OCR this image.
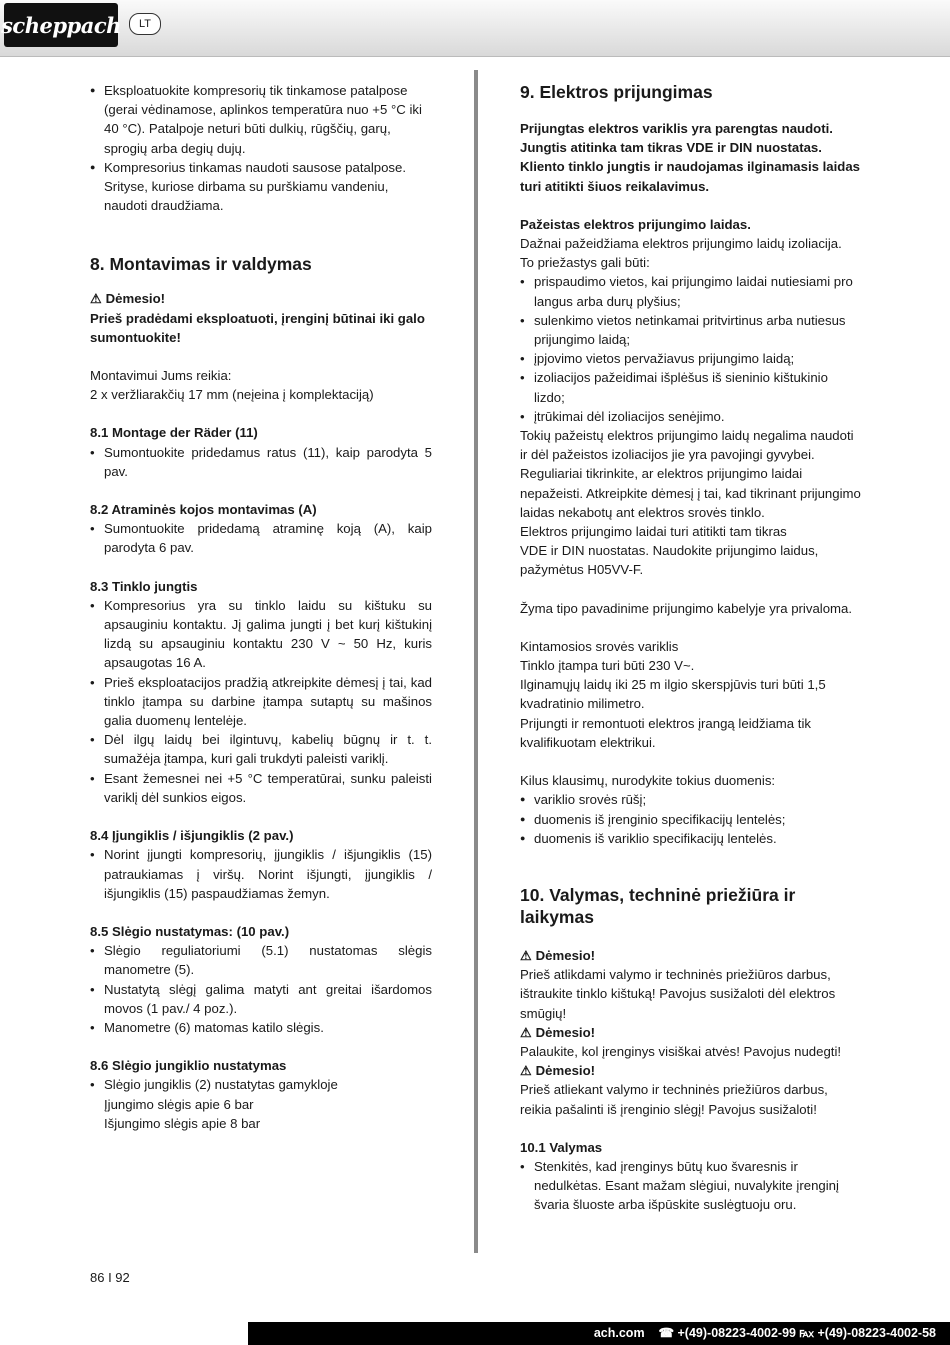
scheppach	LT
● Eksploatuokite kompresorių tik tinkamose patalpose (gerai vėdinamose, aplinkos temperatūra nuo +5 °C iki 40 °C). Patalpoje neturi būti dulkių, rūgščių, garų, sprogių arba degių dujų.
● Kompresorius tinkamas naudoti sausose patalpose. Srityse, kuriose dirbama su purškiamu vandeniu, naudoti draudžiama.

8. Montavimas ir valdymas

⚠ Dėmesio!

Prieš pradėdami eksploatuoti, įrenginį būtinai iki galo sumontuokite!

Montavimui Jums reikia:

2 x veržliarakčių 17 mm (neįeina į komplektaciją)

8.1 Montage der Räder (11)

• Sumontuokite pridedamus ratus (11), kaip parodyta 5 pav.

8.2 Atraminės kojos montavimas (A)

• Sumontuokite pridedamą atraminę koją (A), kaip parodyta 6 pav.

8.3 Tinklo jungtis

• Kompresorius yra su tinklo laidu su kištuku su apsauginiu kontaktu. Jį galima jungti į bet kurį kištukinį lizdą su apsauginiu kontaktu 230 V ~ 50 Hz, kuris apsaugotas 16 A.
• Prieš eksploatacijos pradžią atkreipkite dėmesį į tai, kad tinklo įtampa su darbine įtampa sutaptų su mašinos galia duomenų lentelėje.
• Dėl ilgų laidų bei ilgintuvų, kabelių būgnų ir t. t. sumažėja įtampa, kuri gali trukdyti paleisti variklį.
• Esant žemesnei nei +5 °C temperatūrai, sunku paleisti variklį dėl sunkios eigos.

8.4 Įjungiklis / išjungiklis (2 pav.)

• Norint įjungti kompresorių, įjungiklis / išjungiklis (15) patraukiamas į viršų. Norint išjungti, įjungiklis / išjungiklis (15) paspaudžiamas žemyn.

8.5 Slėgio nustatymas: (10 pav.)

• Slėgio reguliatoriumi (5.1) nustatomas slėgis manometre (5).
• Nustatytą slėgį galima matyti ant greitai išardomos movos (1 pav./ 4 poz.).
• Manometre (6) matomas katilo slėgis.

8.6 Slėgio jungiklio nustatymas

• Slėgio jungiklis (2) nustatytas gamykloje
Įjungimo slėgis apie 6 bar
Išjungimo slėgis apie 8 bar

9. Elektros prijungimas

Prijungtas elektros variklis yra parengtas naudoti. Jungtis atitinka tam tikras VDE ir DIN nuostatas. Kliento tinklo jungtis ir naudojamas ilginamasis laidas turi atitikti šiuos reikalavimus.

Pažeistas elektros prijungimo laidas.

Dažnai pažeidžiama elektros prijungimo laidų izoliacija.

To priežastys gali būti:

• prispaudimo vietos, kai prijungimo laidai nutiesiami pro langus arba durų plyšius;
• sulenkimo vietos netinkamai pritvirtinus arba nutiesus prijungimo laidą;
• įpjovimo vietos pervažiavus prijungimo laidą;
• izoliacijos pažeidimai išplėšus iš sieninio kištukinio lizdo;
• įtrūkimai dėl izoliacijos senėjimo.

Tokių pažeistų elektros prijungimo laidų negalima naudoti ir dėl pažeistos izoliacijos jie yra pavojingi gyvybei.

Reguliariai tikrinkite, ar elektros prijungimo laidai nepažeisti. Atkreipkite dėmesį į tai, kad tikrinant prijungimo laidas nekabotų ant elektros srovės tinklo.

Elektros prijungimo laidai turi atitikti tam tikras

VDE ir DIN nuostatas. Naudokite prijungimo laidus, pažymėtus H05VV-F.

Žyma tipo pavadinime prijungimo kabelyje yra privaloma.

Kintamosios srovės variklis

Tinklo įtampa turi būti 230 V~.

Ilginamųjų laidų iki 25 m ilgio skerspjūvis turi būti 1,5 kvadratinio milimetro.

Prijungti ir remontuoti elektros įrangą leidžiama tik kvalifikuotam elektrikui.

Kilus klausimų, nurodykite tokius duomenis:

● variklio srovės rūšį;
● duomenis iš įrenginio specifikacijų lentelės;
● duomenis iš variklio specifikacijų lentelės.

10. Valymas, techninė priežiūra ir laikymas

⚠ Dėmesio!

Prieš atlikdami valymo ir techninės priežiūros darbus, ištraukite tinklo kištuką! Pavojus susižaloti dėl elektros smūgių!

⚠ Dėmesio!

Palaukite, kol įrenginys visiškai atvės! Pavojus nudegti!

⚠ Dėmesio!

Prieš atliekant valymo ir techninės priežiūros darbus, reikia pašalinti iš įrenginio slėgį! Pavojus susižaloti!

10.1 Valymas

• Stenkitės, kad įrenginys būtų kuo švaresnis ir nedulkėtas. Esant mažam slėgiui, nuvalykite įrenginį švaria šluoste arba išpūskite suslėgtuoju oru.
86 I 92
ach.com ☎ +(49)-08223-4002-99 ℻ +(49)-08223-4002-58
